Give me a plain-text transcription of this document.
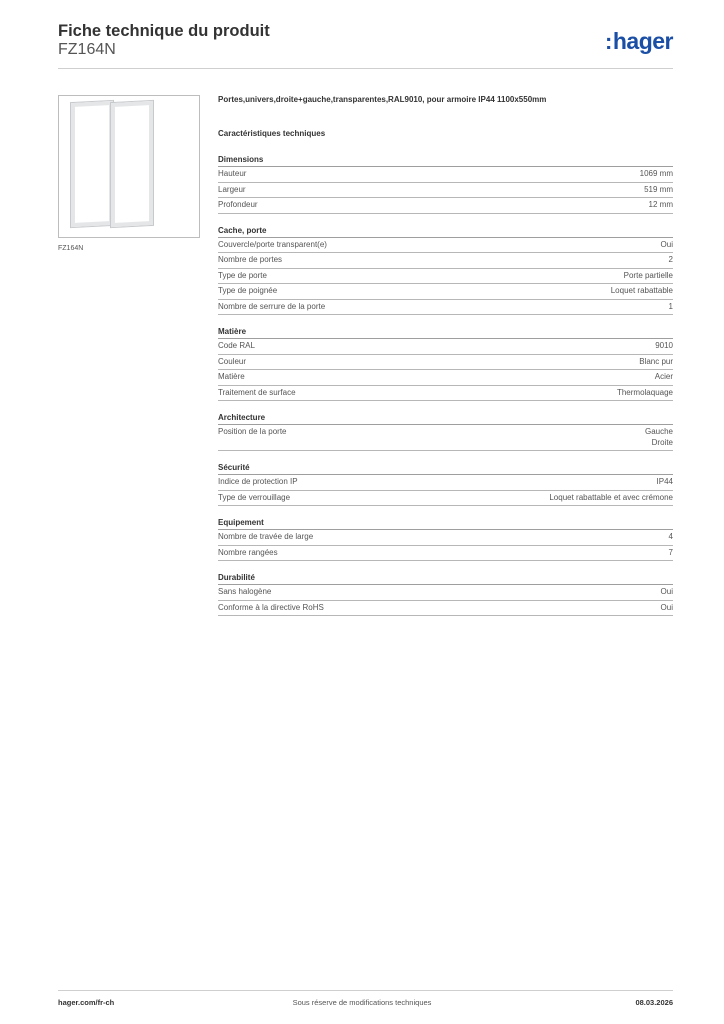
Fiche technique du produit
FZ164N	:hager
FZ164N
Portes,univers,droite+gauche,transparentes,RAL9010, pour armoire IP44 1100x550mm
Caractéristiques techniques
Dimensions
Hauteur	1069 mm
Largeur	519 mm
Profondeur	12 mm
Cache, porte
Couvercle/porte transparent(e)	Oui
Nombre de portes	2
Type de porte	Porte partielle
Type de poignée	Loquet rabattable
Nombre de serrure de la porte	1
Matière
Code RAL	9010
Couleur	Blanc pur
Matière	Acier
Traitement de surface	Thermolaquage
Architecture
Position de la porte	Gauche
Droite
Sécurité
Indice de protection IP	IP44
Type de verrouillage	Loquet rabattable et avec crémone
Equipement
Nombre de travée de large	4
Nombre rangées	7
Durabilité
Sans halogène	Oui
Conforme à la directive RoHS	Oui
hager.com/fr-ch	Sous réserve de modifications techniques	08.03.2026
